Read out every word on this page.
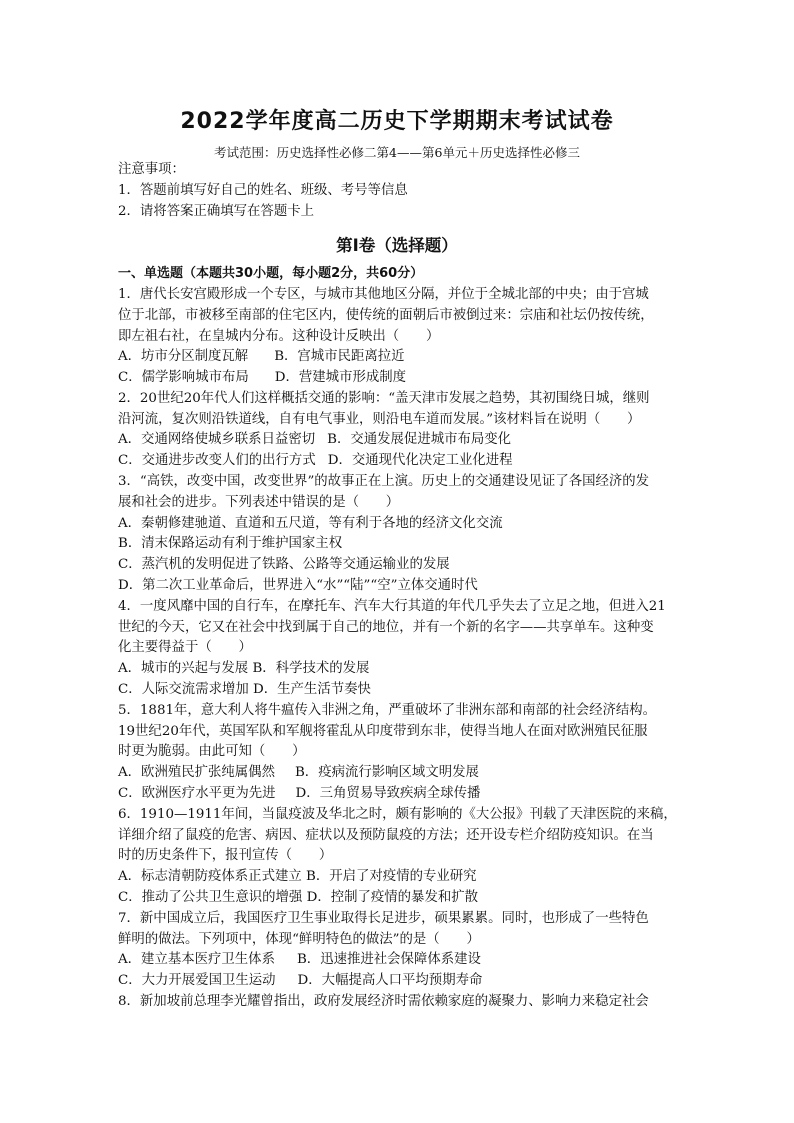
2022学年度高二历史下学期期末考试试卷
考试范围：历史选择性必修二第4——第6单元＋历史选择性必修三
注意事项：
1．答题前填写好自己的姓名、班级、考号等信息
2．请将答案正确填写在答题卡上
第Ⅰ卷（选择题）
一、单选题（本题共30小题，每小题2分，共60分）
1．唐代长安宫殿形成一个专区，与城市其他地区分隔，并位于全城北部的中央；由于宫城
位于北部，市被移至南部的住宅区内，使传统的面朝后市被倒过来：宗庙和社坛仍按传统，
即左祖右社，在皇城内分布。这种设计反映出（　　）
A．坊市分区制度瓦解 B．宫城市民距离拉近
C．儒学影响城市布局 D．营建城市形成制度
2．20世纪20年代人们这样概括交通的影响：“盖天津市发展之趋势，其初围绕日城，继则
沿河流，复次则沿铁道线，自有电气事业，则沿电车道而发展。”该材料旨在说明（　　）
A．交通网络使城乡联系日益密切 B．交通发展促进城市布局变化
C．交通进步改变人们的出行方式 D．交通现代化决定工业化进程
3．“高铁，改变中国，改变世界”的故事正在上演。历史上的交通建设见证了各国经济的发
展和社会的进步。下列表述中错误的是（　　）
A．秦朝修建驰道、直道和五尺道，等有利于各地的经济文化交流
B．清末保路运动有利于维护国家主权
C．蒸汽机的发明促进了铁路、公路等交通运输业的发展
D．第二次工业革命后，世界进入“水”“陆”“空”立体交通时代
4．一度风靡中国的自行车，在摩托车、汽车大行其道的年代几乎失去了立足之地，但进入21
世纪的今天，它又在社会中找到属于自己的地位，并有一个新的名字——共享单车。这种变
化主要得益于（　　）
A．城市的兴起与发展 B．科学技术的发展
C．人际交流需求增加 D．生产生活节奏快
5．1881年，意大利人将牛瘟传入非洲之角，严重破坏了非洲东部和南部的社会经济结构。
19世纪20年代，英国军队和军舰将霍乱从印度带到东非，使得当地人在面对欧洲殖民征服
时更为脆弱。由此可知（　　）
A．欧洲殖民扩张纯属偶然 B．疫病流行影响区域文明发展
C．欧洲医疗水平更为先进 D．三角贸易导致疾病全球传播
6．1910—1911年间，当鼠疫波及华北之时，颇有影响的《大公报》刊载了天津医院的来稿，
详细介绍了鼠疫的危害、病因、症状以及预防鼠疫的方法；还开设专栏介绍防疫知识。在当
时的历史条件下，报刊宣传（　　）
A．标志清朝防疫体系正式建立 B．开启了对疫情的专业研究
C．推动了公共卫生意识的增强 D．控制了疫情的暴发和扩散
7．新中国成立后，我国医疗卫生事业取得长足进步，硕果累累。同时，也形成了一些特色
鲜明的做法。下列项中，体现“鲜明特色的做法”的是（　　）
A．建立基本医疗卫生体系 B．迅速推进社会保障体系建设
C．大力开展爱国卫生运动 D．大幅提高人口平均预期寿命
8．新加坡前总理李光耀曾指出，政府发展经济时需依赖家庭的凝聚力、影响力来稳定社会
